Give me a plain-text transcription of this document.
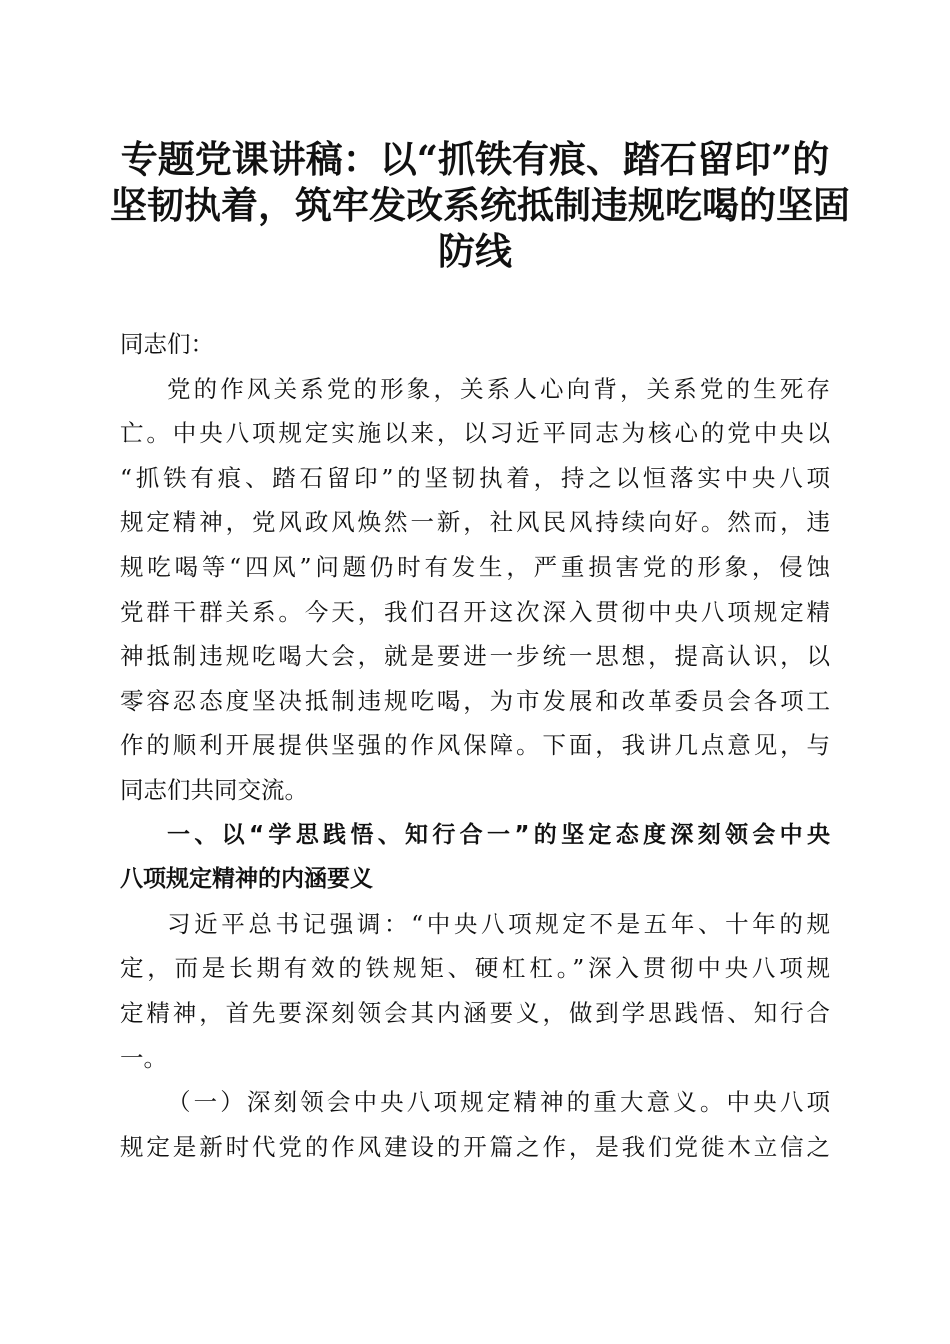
专题党课讲稿：以“抓铁有痕、踏石留印”的
坚韧执着，筑牢发改系统抵制违规吃喝的坚固
防线
同志们：
党的作风关系党的形象，关系人心向背，关系党的生死存
亡。中央八项规定实施以来，以习近平同志为核心的党中央以
“抓铁有痕、踏石留印”的坚韧执着，持之以恒落实中央八项
规定精神，党风政风焕然一新，社风民风持续向好。然而，违
规吃喝等“四风”问题仍时有发生，严重损害党的形象，侵蚀
党群干群关系。今天，我们召开这次深入贯彻中央八项规定精
神抵制违规吃喝大会，就是要进一步统一思想，提高认识，以
零容忍态度坚决抵制违规吃喝，为市发展和改革委员会各项工
作的顺利开展提供坚强的作风保障。下面，我讲几点意见，与
同志们共同交流。
一、以“学思践悟、知行合一”的坚定态度深刻领会中央
八项规定精神的内涵要义
习近平总书记强调：“中央八项规定不是五年、十年的规
定，而是长期有效的铁规矩、硬杠杠。”深入贯彻中央八项规
定精神，首先要深刻领会其内涵要义，做到学思践悟、知行合
一。
（一）深刻领会中央八项规定精神的重大意义。中央八项
规定是新时代党的作风建设的开篇之作，是我们党徙木立信之
